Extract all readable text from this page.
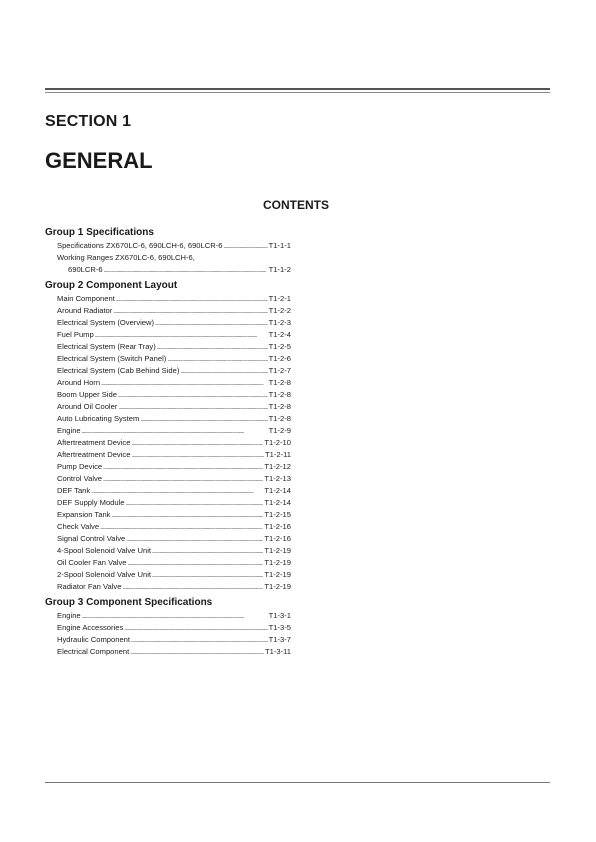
SECTION 1
GENERAL
CONTENTS
Group 1 Specifications
Specifications ZX670LC-6, 690LCH-6, 690LCR-6 .....	T1-1-1
Working Ranges ZX670LC-6, 690LCH-6,
690LCR-6 .....	T1-1-2
Group 2 Component Layout
Main Component .....	T1-2-1
Around Radiator .....	T1-2-2
Electrical System (Overview) .....	T1-2-3
Fuel Pump .....	T1-2-4
Electrical System (Rear Tray) .....	T1-2-5
Electrical System (Switch Panel) .....	T1-2-6
Electrical System (Cab Behind Side) .....	T1-2-7
Around Horn .....	T1-2-8
Boom Upper Side .....	T1-2-8
Around Oil Cooler .....	T1-2-8
Auto Lubricating System .....	T1-2-8
Engine .....	T1-2-9
Aftertreatment Device .....	T1-2-10
Aftertreatment Device .....	T1-2-11
Pump Device .....	T1-2-12
Control Valve .....	T1-2-13
DEF Tank .....	T1-2-14
DEF Supply Module .....	T1-2-14
Expansion Tank .....	T1-2-15
Check Valve .....	T1-2-16
Signal Control Valve .....	T1-2-16
4-Spool Solenoid Valve Unit .....	T1-2-19
Oil Cooler Fan Valve .....	T1-2-19
2-Spool Solenoid Valve Unit .....	T1-2-19
Radiator Fan Valve .....	T1-2-19
Group 3 Component Specifications
Engine .....	T1-3-1
Engine Accessories .....	T1-3-5
Hydraulic Component .....	T1-3-7
Electrical Component .....	T1-3-11
